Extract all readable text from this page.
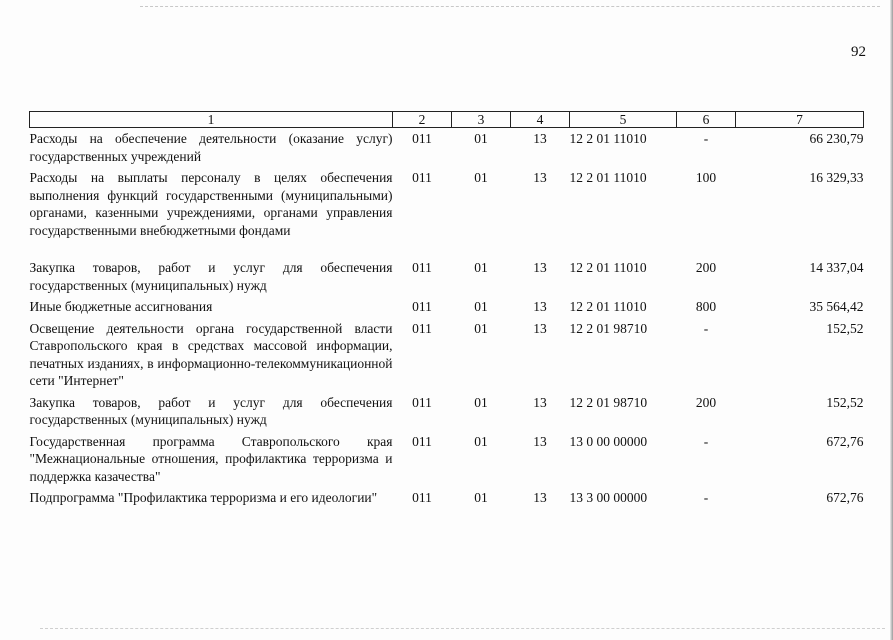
92
1	2	3	4	5	6	7
Расходы на обеспечение деятельности (оказание услуг) государственных учреждений	011	01	13	12 2 01 11010	-	66 230,79
Расходы на выплаты персоналу в целях обеспечения выполнения функций государственными (муниципальными) органами, казенными учреждениями, органами управления государственными внебюджетными фондами	011	01	13	12 2 01 11010	100	16 329,33
Закупка товаров, работ и услуг для обеспечения государственных (муниципальных) нужд	011	01	13	12 2 01 11010	200	14 337,04
Иные бюджетные ассигнования	011	01	13	12 2 01 11010	800	35 564,42
Освещение деятельности органа государственной власти Ставропольского края в средствах массовой информации, печатных изданиях, в информационно-телекоммуникационной сети "Интернет"	011	01	13	12 2 01 98710	-	152,52
Закупка товаров, работ и услуг для обеспечения государственных (муниципальных) нужд	011	01	13	12 2 01 98710	200	152,52
Государственная программа Ставропольского края "Межнациональные отношения, профилактика терроризма и поддержка казачества"	011	01	13	13 0 00 00000	-	672,76
Подпрограмма "Профилактика терроризма и его идеологии"	011	01	13	13 3 00 00000	-	672,76
